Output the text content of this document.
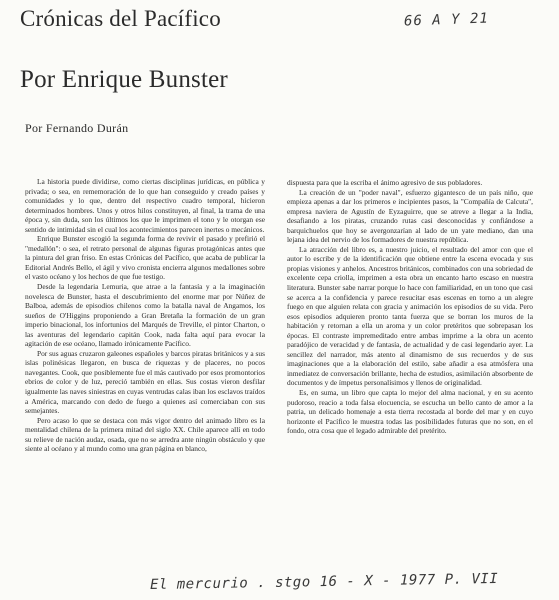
Crónicas del Pacífico
Por Enrique Bunster
Por Fernando Durán
66 A Y 21

La historia puede dividirse, como ciertas disciplinas jurídicas, en pública y privada; o sea, en rememoración de lo que han conseguido y creado países y comunidades y lo que, dentro del respectivo cuadro temporal, hicieron determinados hombres. Unos y otros hilos constituyen, al final, la trama de una época y, sin duda, son los últimos los que le imprimen el tono y le otorgan ese sentido de intimidad sin el cual los acontecimientos parecen inertes o mecánicos.

Enrique Bunster escogió la segunda forma de revivir el pasado y prefirió el "medallón": o sea, el retrato personal de algunas figuras protagónicas antes que la pintura del gran friso. En estas Crónicas del Pacífico, que acaba de publicar la Editorial Andrés Bello, el ágil y vivo cronista encierra algunos medallones sobre el vasto océano y los hechos de que fue testigo.

Desde la legendaria Lemuria, que atrae a la fantasía y a la imaginación novelesca de Bunster, hasta el descubrimiento del enorme mar por Núñez de Balboa, además de episodios chilenos como la batalla naval de Angamos, los sueños de O'Higgins proponiendo a Gran Bretaña la formación de un gran imperio binacional, los infortunios del Marqués de Treville, el pintor Charton, o las aventuras del legendario capitán Cook, nada falta aquí para evocar la agitación de ese océano, llamado irónicamente Pacífico.

Por sus aguas cruzaron galeones españoles y barcos piratas británicos y a sus islas polinésicas llegaron, en busca de riquezas y de placeres, no pocos navegantes. Cook, que posiblemente fue el más cautivado por esos promontorios ebrios de color y de luz, pereció también en ellas. Sus costas vieron desfilar igualmente las naves siniestras en cuyas ventrudas calas iban los esclavos traídos a América, marcando con dedo de fuego a quienes así comerciaban con sus semejantes.

Pero acaso lo que se destaca con más vigor dentro del animado libro es la mentalidad chilena de la primera mitad del siglo XX. Chile aparece allí en todo su relieve de nación audaz, osada, que no se arredra ante ningún obstáculo y que siente al océano y al mundo como una gran página en blanco,

dispuesta para que la escriba el ánimo agresivo de sus pobladores.

La creación de un "poder naval", esfuerzo gigantesco de un país niño, que empieza apenas a dar los primeros e incipientes pasos, la "Compañía de Calcuta", empresa naviera de Agustín de Eyzaguirre, que se atreve a llegar a la India, desafiando a los piratas, cruzando rutas casi desconocidas y confiándose a barquichuelos que hoy se avergonzarían al lado de un yate mediano, dan una lejana idea del nervio de los formadores de nuestra república.

La atracción del libro es, a nuestro juicio, el resultado del amor con que el autor lo escribe y de la identificación que obtiene entre la escena evocada y sus propias visiones y anhelos. Ancestros británicos, combinados con una sobriedad de excelente cepa criolla, imprimen a esta obra un encanto harto escaso en nuestra literatura. Bunster sabe narrar porque lo hace con familiaridad, en un tono que casi se acerca a la confidencia y parece resucitar esas escenas en torno a un alegre fuego en que alguien relata con gracia y animación los episodios de su vida. Pero esos episodios adquieren pronto tanta fuerza que se borran los muros de la habitación y retornan a ella un aroma y un color pretéritos que sobrepasan los épocas. El contraste impremeditado entre ambas imprime a la obra un acento paradójico de veracidad y de fantasía, de actualidad y de casi legendario ayer. La sencillez del narrador, más atento al dinamismo de sus recuerdos y de sus imaginaciones que a la elaboración del estilo, sabe añadir a esa atmósfera una inmediatez de conversación brillante, hecha de estudios, asimilación absorbente de documentos y de ímpetus personalísimos y llenos de originalidad.

Es, en suma, un libro que capta lo mejor del alma nacional, y en su acento pudoroso, reacio a toda falsa elocuencia, se escucha un bello canto de amor a la patria, un delicado homenaje a esta tierra recostada al borde del mar y en cuyo horizonte el Pacífico le muestra todas las posibilidades futuras que no son, en el fondo, otra cosa que el legado admirable del pretérito.

El mercurio . stgo 16 - X - 1977 P. VII
